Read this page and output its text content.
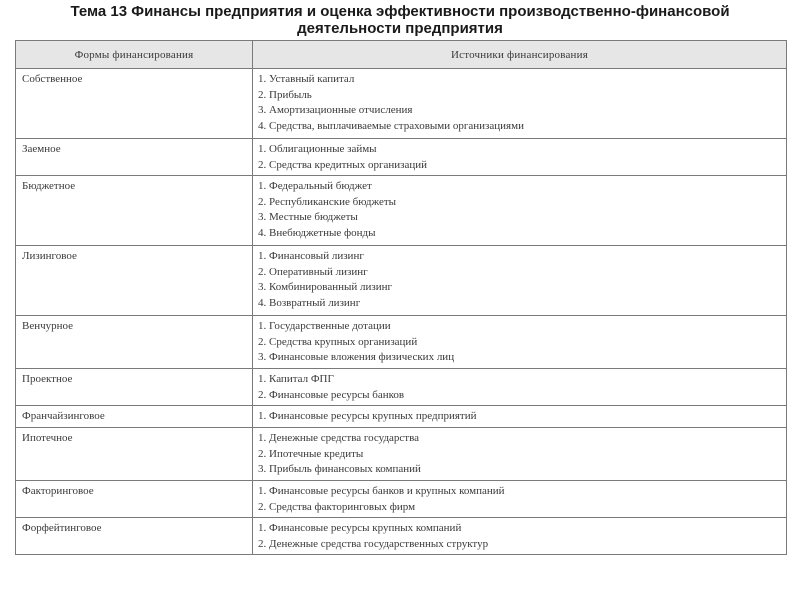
Тема 13 Финансы предприятия и оценка эффективности производственно-финансовой
деятельности предприятия
Формы финансирования	Источники финансирования
Собственное	1. Уставный капитал
2. Прибыль
3. Амортизационные отчисления
4. Средства, выплачиваемые страховыми организациями

Заемное	1. Облигационные займы
2. Средства кредитных организаций

Бюджетное	1. Федеральный бюджет
2. Республиканские бюджеты
3. Местные бюджеты
4. Внебюджетные фонды

Лизинговое	1. Финансовый лизинг
2. Оперативный лизинг
3. Комбинированный лизинг
4. Возвратный лизинг

Венчурное	1. Государственные дотации
2. Средства крупных организаций
3. Финансовые вложения физических лиц

Проектное	1. Капитал ФПГ
2. Финансовые ресурсы банков

Франчайзинговое	1. Финансовые ресурсы крупных предприятий

Ипотечное	1. Денежные средства государства
2. Ипотечные кредиты
3. Прибыль финансовых компаний

Факторинговое	1. Финансовые ресурсы банков и крупных компаний
2. Средства факторинговых фирм

Форфейтинговое	1. Финансовые ресурсы крупных компаний
2. Денежные средства государственных структур
